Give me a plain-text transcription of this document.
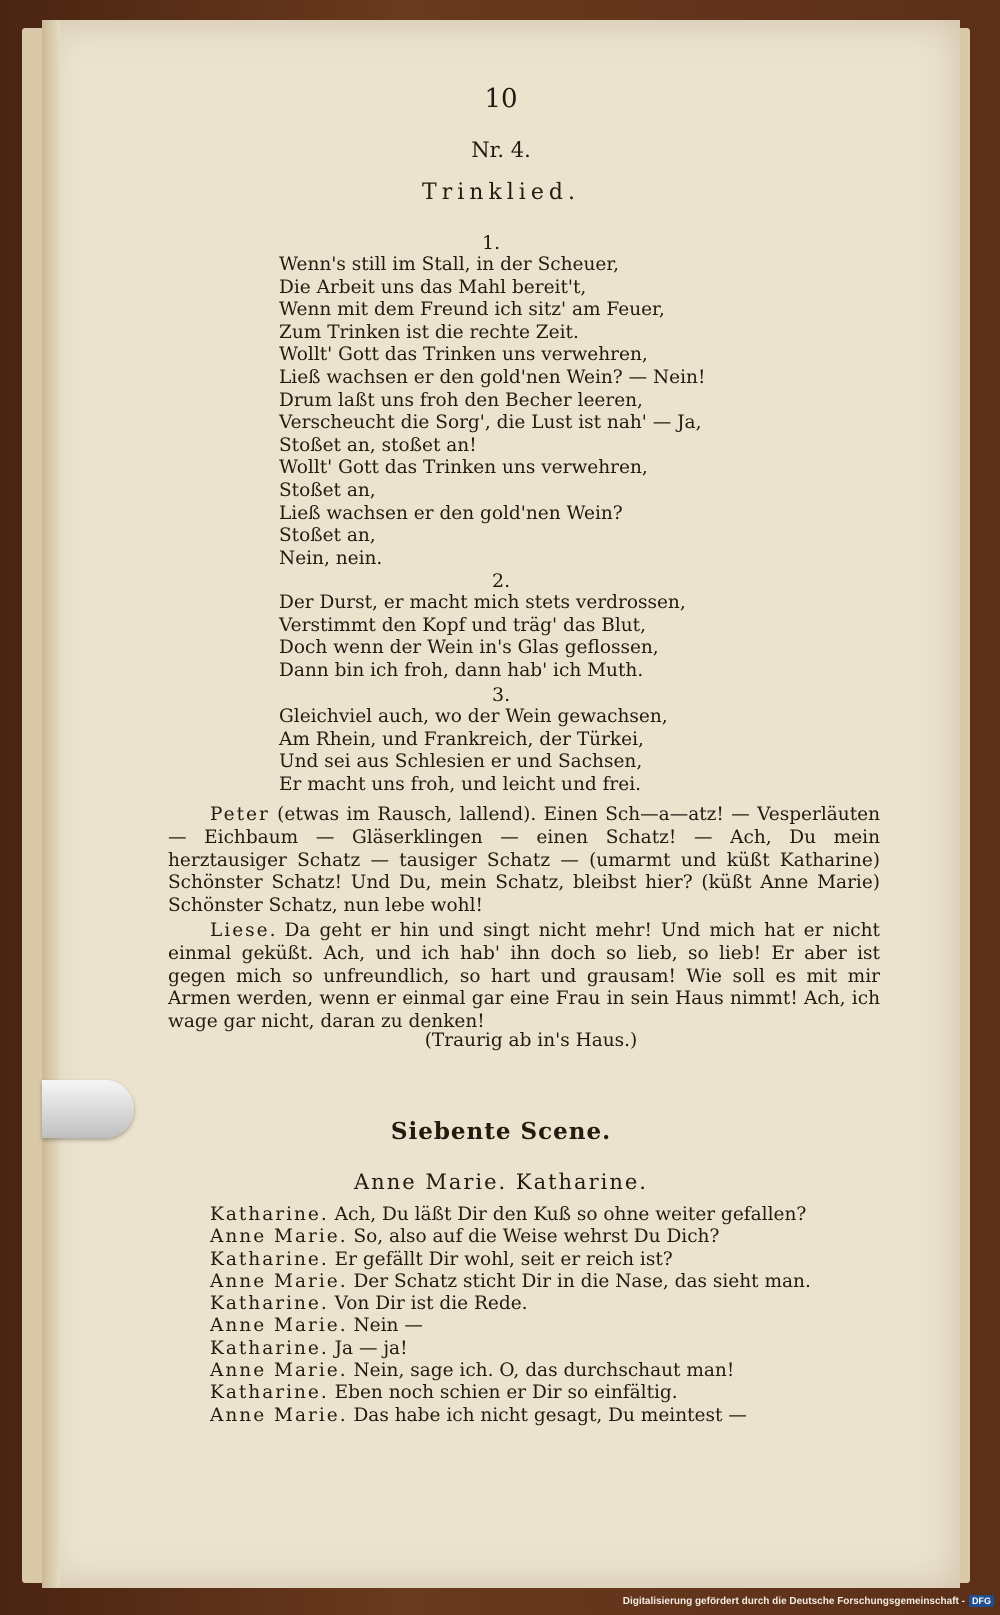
10
Nr. 4.
Trinklied.
1.
Wenn's still im Stall, in der Scheuer,
Die Arbeit uns das Mahl bereit't,
Wenn mit dem Freund ich sitz' am Feuer,
Zum Trinken ist die rechte Zeit.
Wollt' Gott das Trinken uns verwehren,
Ließ wachsen er den gold'nen Wein? — Nein!
Drum laßt uns froh den Becher leeren,
Verscheucht die Sorg', die Lust ist nah' — Ja,
Stoßet an, stoßet an!
Wollt' Gott das Trinken uns verwehren,
Stoßet an,
Ließ wachsen er den gold'nen Wein?
Stoßet an,
Nein, nein.
2.
Der Durst, er macht mich stets verdrossen,
Verstimmt den Kopf und träg' das Blut,
Doch wenn der Wein in's Glas geflossen,
Dann bin ich froh, dann hab' ich Muth.
3.
Gleichviel auch, wo der Wein gewachsen,
Am Rhein, und Frankreich, der Türkei,
Und sei aus Schlesien er und Sachsen,
Er macht uns froh, und leicht und frei.
Peter (etwas im Rausch, lallend). Einen Sch—a—atz! — Vesperläuten — Eichbaum — Gläserklingen — einen Schatz! — Ach, Du mein herztausiger Schatz — tausiger Schatz — (umarmt und küßt Katharine) Schönster Schatz! Und Du, mein Schatz, bleibst hier? (küßt Anne Marie) Schönster Schatz, nun lebe wohl!
Liese. Da geht er hin und singt nicht mehr! Und mich hat er nicht einmal geküßt. Ach, und ich hab' ihn doch so lieb, so lieb! Er aber ist gegen mich so unfreundlich, so hart und grausam! Wie soll es mit mir Armen werden, wenn er einmal gar eine Frau in sein Haus nimmt! Ach, ich wage gar nicht, daran zu denken!
(Traurig ab in's Haus.)
Siebente Scene.
Anne Marie. Katharine.
Katharine. Ach, Du läßt Dir den Kuß so ohne weiter gefallen?
Anne Marie. So, also auf die Weise wehrst Du Dich?
Katharine. Er gefällt Dir wohl, seit er reich ist?
Anne Marie. Der Schatz sticht Dir in die Nase, das sieht man.
Katharine. Von Dir ist die Rede.
Anne Marie. Nein —
Katharine. Ja — ja!
Anne Marie. Nein, sage ich. O, das durchschaut man!
Katharine. Eben noch schien er Dir so einfältig.
Anne Marie. Das habe ich nicht gesagt, Du meintest —
Digitalisierung gefördert durch die Deutsche Forschungsgemeinschaft - DFG
